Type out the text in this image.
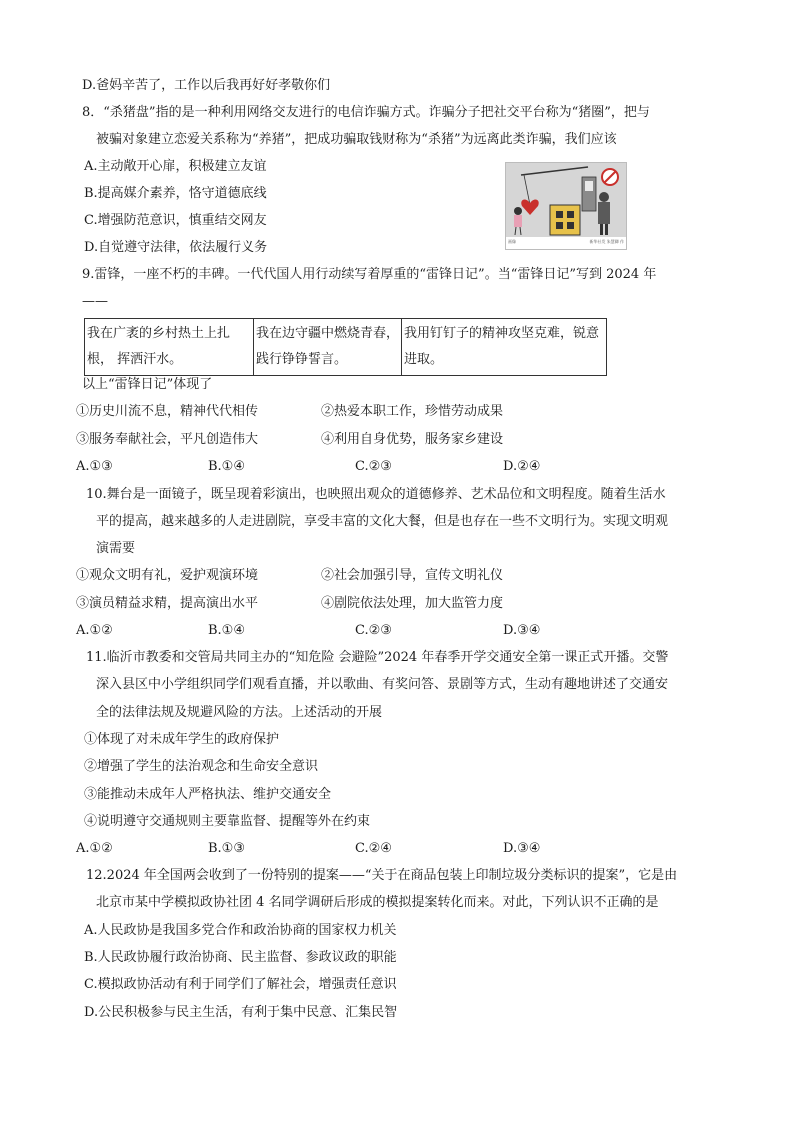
D.爸妈辛苦了，工作以后我再好好孝敬你们
8．“杀猪盘”指的是一种利用网络交友进行的电信诈骗方式。诈骗分子把社交平台称为“猪圈”，把与
被骗对象建立恋爱关系称为“养猪”，把成功骗取钱财称为“杀猪”为远离此类诈骗，我们应该
A.主动敞开心扉，积极建立友谊
B.提高媒介素养，恪守道德底线
C.增强防范意识，慎重结交网友
D.自觉遵守法律，依法履行义务	画像	新华社发 朱慧卿 作
9.雷锋，一座不朽的丰碑。一代代国人用行动续写着厚重的“雷锋日记”。当“雷锋日记”写到 2024 年
——
我在广袤的乡村热土上扎根， 挥洒汗水。	我在边守疆中燃烧青春， 践行铮铮誓言。	我用钉钉子的精神攻坚克难，锐意进取。
以上“雷锋日记”体现了
①历史川流不息，精神代代相传	②热爱本职工作，珍惜劳动成果
③服务奉献社会，平凡创造伟大	④利用自身优势，服务家乡建设
A.①③	B.①④	C.②③	D.②④
10.舞台是一面镜子，既呈现着彩演出，也映照出观众的道德修养、艺术品位和文明程度。随着生活水
平的提高，越来越多的人走进剧院，享受丰富的文化大餐，但是也存在一些不文明行为。实现文明观
演需要
①观众文明有礼，爱护观演环境	②社会加强引导，宣传文明礼仪
③演员精益求精，提高演出水平	④剧院依法处理，加大监管力度
A.①②	B.①④	C.②③	D.③④
11.临沂市教委和交管局共同主办的“知危险 会避险”2024 年春季开学交通安全第一课正式开播。交警
深入县区中小学组织同学们观看直播，并以歌曲、有奖问答、景剧等方式，生动有趣地讲述了交通安
全的法律法规及规避风险的方法。上述活动的开展
①体现了对未成年学生的政府保护
②增强了学生的法治观念和生命安全意识
③能推动未成年人严格执法、维护交通安全
④说明遵守交通规则主要靠监督、提醒等外在约束
A.①②	B.①③	C.②④	D.③④
12.2024 年全国两会收到了一份特别的提案——“关于在商品包装上印制垃圾分类标识的提案”，它是由
北京市某中学模拟政协社团 4 名同学调研后形成的模拟提案转化而来。对此，下列认识不正确的是
A.人民政协是我国多党合作和政治协商的国家权力机关
B.人民政协履行政治协商、民主监督、参政议政的职能
C.模拟政协活动有利于同学们了解社会，增强责任意识
D.公民积极参与民主生活，有利于集中民意、汇集民智
